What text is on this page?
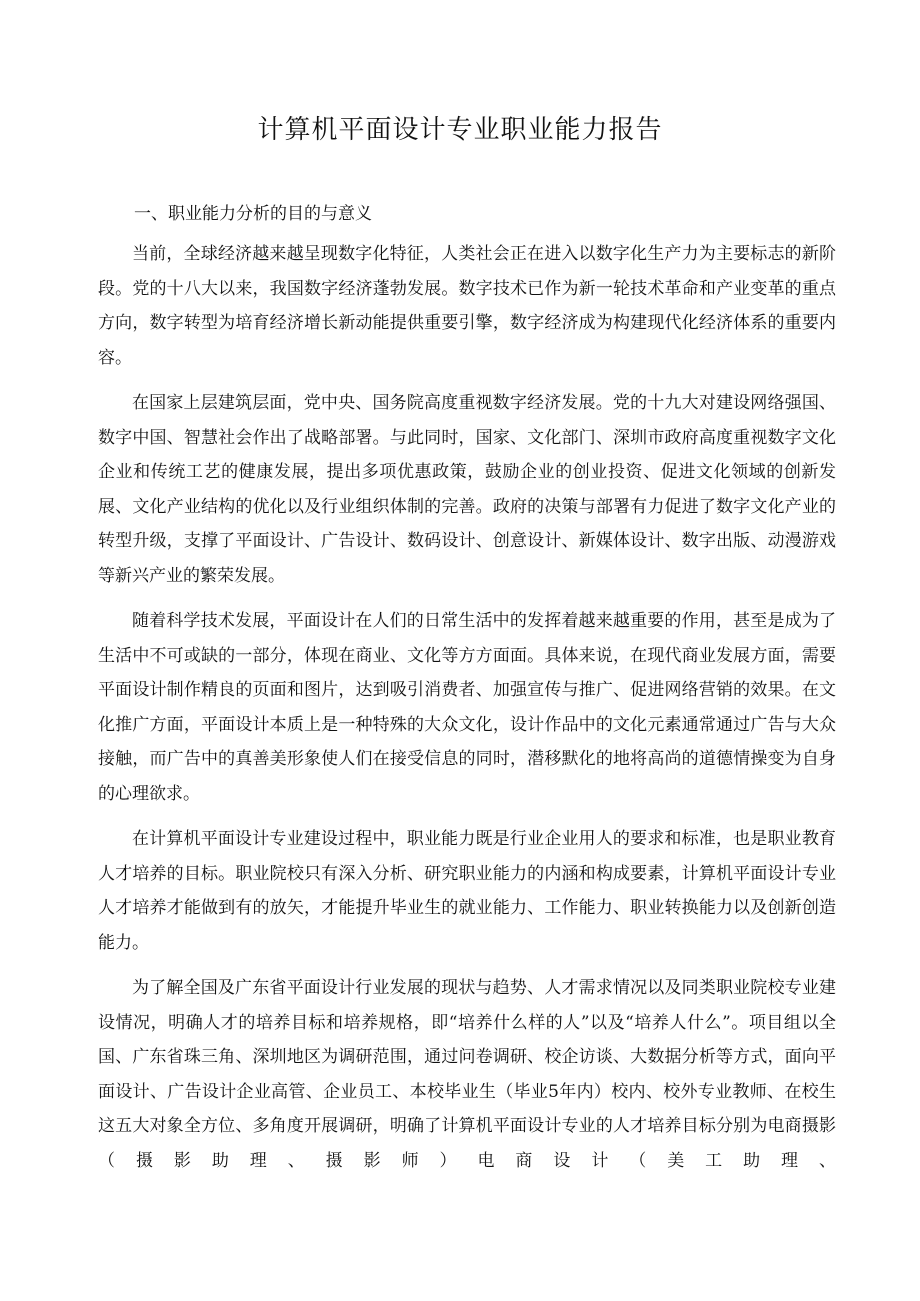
计算机平面设计专业职业能力报告

一、职业能力分析的目的与意义

当前，全球经济越来越呈现数字化特征，人类社会正在进入以数字化生产力为主要标志的新阶段。党的十八大以来，我国数字经济蓬勃发展。数字技术已作为新一轮技术革命和产业变革的重点方向，数字转型为培育经济增长新动能提供重要引擎，数字经济成为构建现代化经济体系的重要内容。

在国家上层建筑层面，党中央、国务院高度重视数字经济发展。党的十九大对建设网络强国、数字中国、智慧社会作出了战略部署。与此同时，国家、文化部门、深圳市政府高度重视数字文化企业和传统工艺的健康发展，提出多项优惠政策，鼓励企业的创业投资、促进文化领域的创新发展、文化产业结构的优化以及行业组织体制的完善。政府的决策与部署有力促进了数字文化产业的转型升级，支撑了平面设计、广告设计、数码设计、创意设计、新媒体设计、数字出版、动漫游戏等新兴产业的繁荣发展。

随着科学技术发展，平面设计在人们的日常生活中的发挥着越来越重要的作用，甚至是成为了生活中不可或缺的一部分，体现在商业、文化等方方面面。具体来说，在现代商业发展方面，需要平面设计制作精良的页面和图片，达到吸引消费者、加强宣传与推广、促进网络营销的效果。在文化推广方面，平面设计本质上是一种特殊的大众文化，设计作品中的文化元素通常通过广告与大众接触，而广告中的真善美形象使人们在接受信息的同时，潜移默化的地将高尚的道德情操变为自身的心理欲求。

在计算机平面设计专业建设过程中，职业能力既是行业企业用人的要求和标准，也是职业教育人才培养的目标。职业院校只有深入分析、研究职业能力的内涵和构成要素，计算机平面设计专业人才培养才能做到有的放矢，才能提升毕业生的就业能力、工作能力、职业转换能力以及创新创造能力。

为了解全国及广东省平面设计行业发展的现状与趋势、人才需求情况以及同类职业院校专业建设情况，明确人才的培养目标和培养规格，即“培养什么样的人”以及“培养人什么”。项目组以全国、广东省珠三角、深圳地区为调研范围，通过问卷调研、校企访谈、大数据分析等方式，面向平面设计、广告设计企业高管、企业员工、本校毕业生（毕业5年内）校内、校外专业教师、在校生这五大对象全方位、多角度开展调研，明确了计算机平面设计专业的人才培养目标分别为电商摄影（摄影助理、摄影师）电商设计（美工助理、
